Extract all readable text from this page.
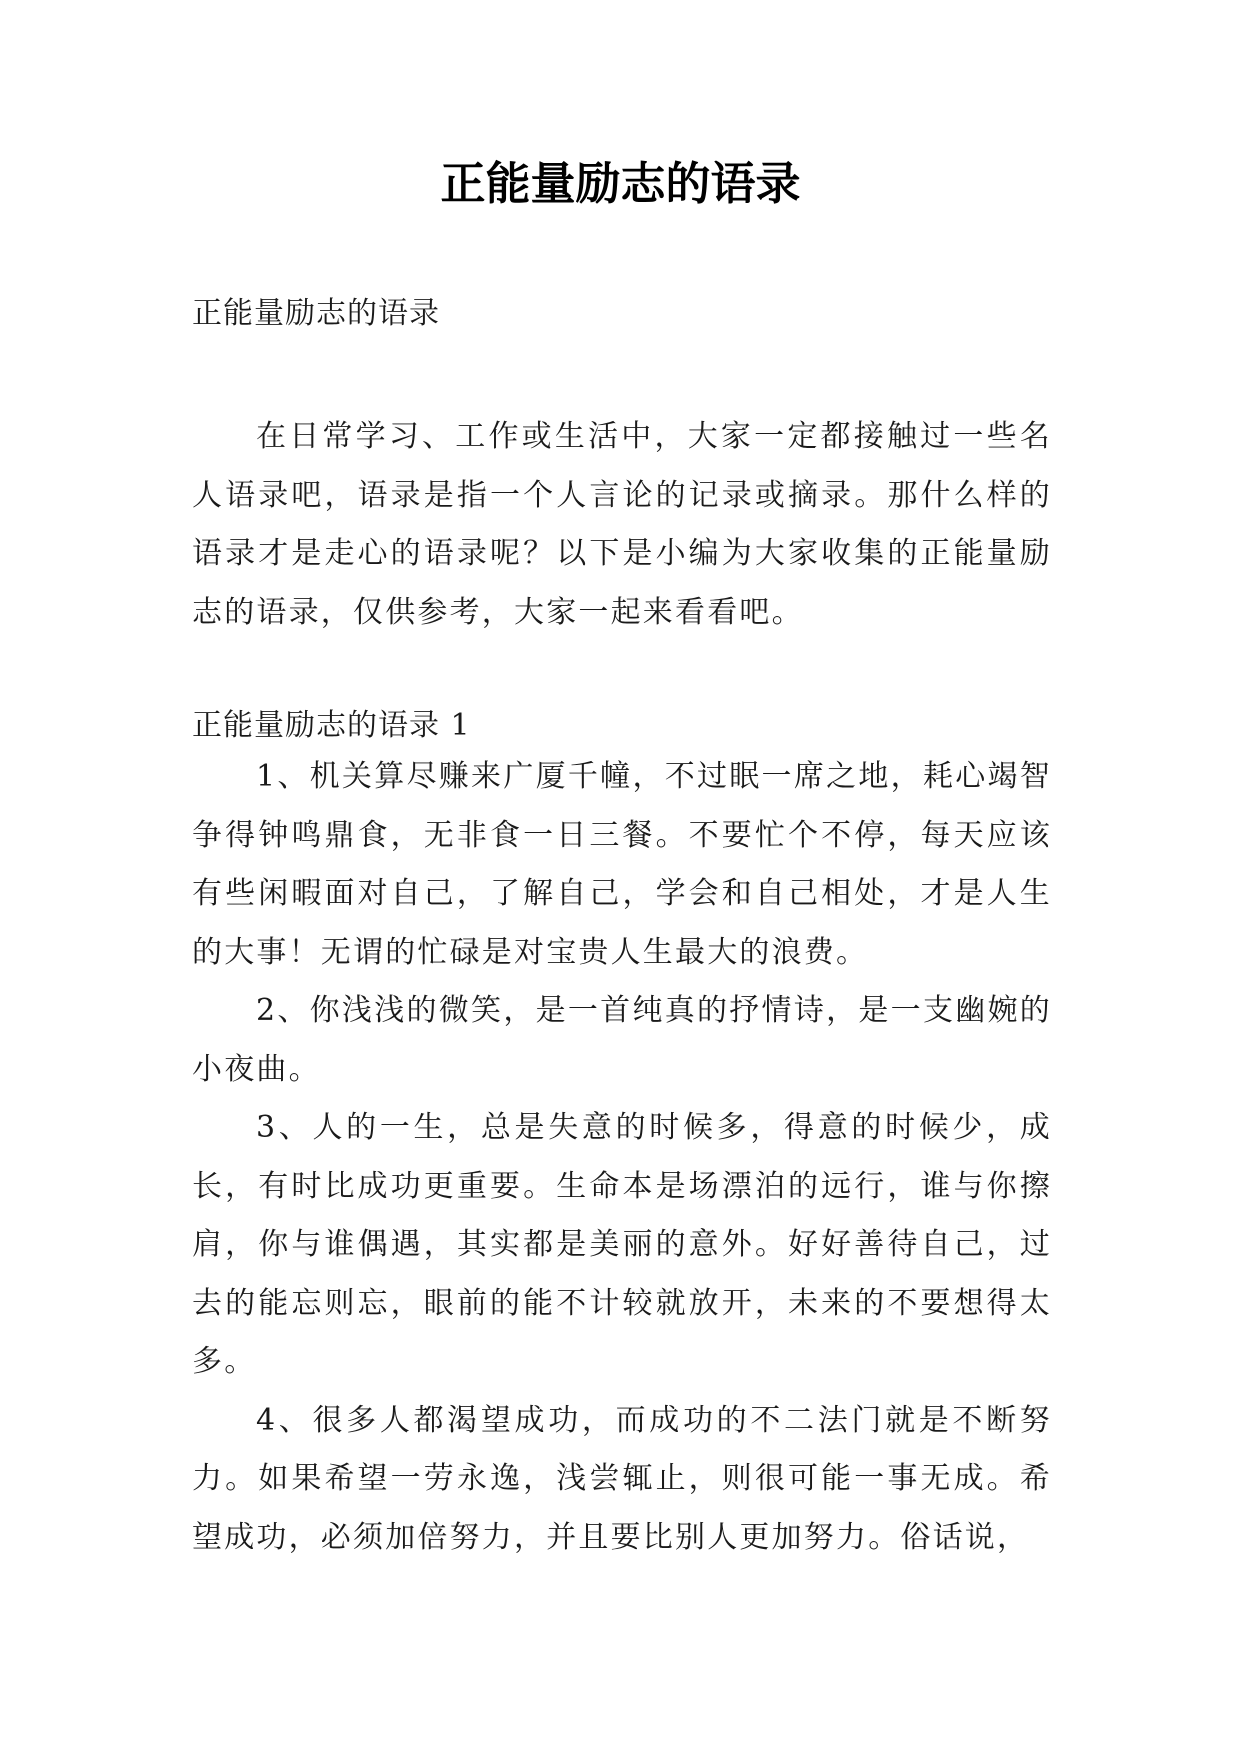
正能量励志的语录
正能量励志的语录

在日常学习、工作或生活中，大家一定都接触过一些名人语录吧，语录是指一个人言论的记录或摘录。那什么样的语录才是走心的语录呢？以下是小编为大家收集的正能量励志的语录，仅供参考，大家一起来看看吧。

正能量励志的语录 1

1、机关算尽赚来广厦千幢，不过眠一席之地，耗心竭智争得钟鸣鼎食，无非食一日三餐。不要忙个不停，每天应该有些闲暇面对自己，了解自己，学会和自己相处，才是人生的大事！无谓的忙碌是对宝贵人生最大的浪费。

2、你浅浅的微笑，是一首纯真的抒情诗，是一支幽婉的小夜曲。

3、人的一生，总是失意的时候多，得意的时候少，成长，有时比成功更重要。生命本是场漂泊的远行，谁与你擦肩，你与谁偶遇，其实都是美丽的意外。好好善待自己，过去的能忘则忘，眼前的能不计较就放开，未来的不要想得太多。

4、很多人都渴望成功，而成功的不二法门就是不断努力。如果希望一劳永逸，浅尝辄止，则很可能一事无成。希望成功，必须加倍努力，并且要比别人更加努力。俗话说，
